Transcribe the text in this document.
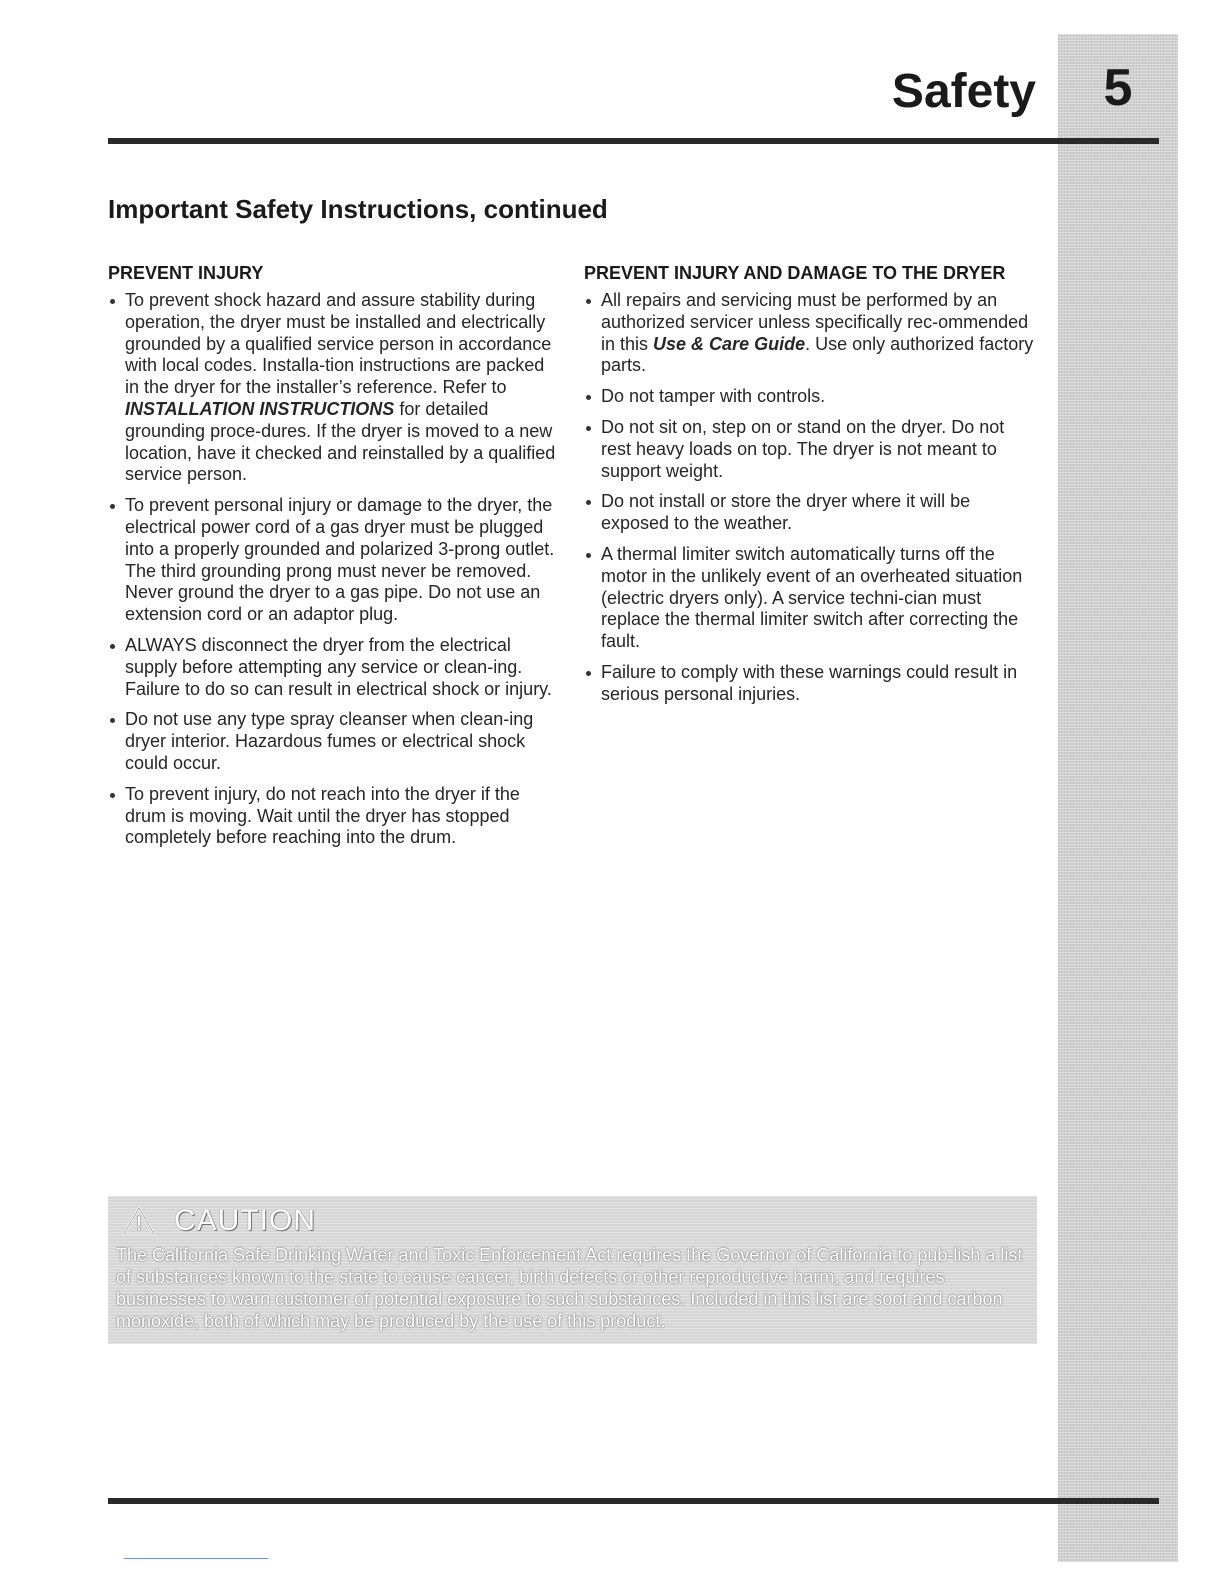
Safety	5
Important Safety Instructions, continued
PREVENT INJURY
To prevent shock hazard and assure stability during operation, the dryer must be installed and electrically grounded by a qualified service person in accordance with local codes. Installa-tion instructions are packed in the dryer for the installer’s reference. Refer to INSTALLATION INSTRUCTIONS for detailed grounding proce-dures. If the dryer is moved to a new location, have it checked and reinstalled by a qualified service person.
To prevent personal injury or damage to the dryer, the electrical power cord of a gas dryer must be plugged into a properly grounded and polarized 3-prong outlet. The third grounding prong must never be removed. Never ground the dryer to a gas pipe. Do not use an extension cord or an adaptor plug.
ALWAYS disconnect the dryer from the electrical supply before attempting any service or clean-ing. Failure to do so can result in electrical shock or injury.
Do not use any type spray cleanser when clean-ing dryer interior. Hazardous fumes or electrical shock could occur.
To prevent injury, do not reach into the dryer if the drum is moving. Wait until the dryer has stopped completely before reaching into the drum.
PREVENT INJURY AND DAMAGE TO THE DRYER
All repairs and servicing must be performed by an authorized servicer unless specifically rec-ommended in this Use & Care Guide. Use only authorized factory parts.
Do not tamper with controls.
Do not sit on, step on or stand on the dryer. Do not rest heavy loads on top. The dryer is not meant to support weight.
Do not install or store the dryer where it will be exposed to the weather.
A thermal limiter switch automatically turns off the motor in the unlikely event of an overheated situation (electric dryers only). A service techni-cian must replace the thermal limiter switch after correcting the fault.
Failure to comply with these warnings could result in serious personal injuries.
CAUTION

The California Safe Drinking Water and Toxic Enforcement Act requires the Governor of California to pub-lish a list of substances known to the state to cause cancer, birth defects or other reproductive harm, and requires businesses to warn customer of potential exposure to such substances. Included in this list are soot and carbon monoxide, both of which may be produced by the use of this product.
